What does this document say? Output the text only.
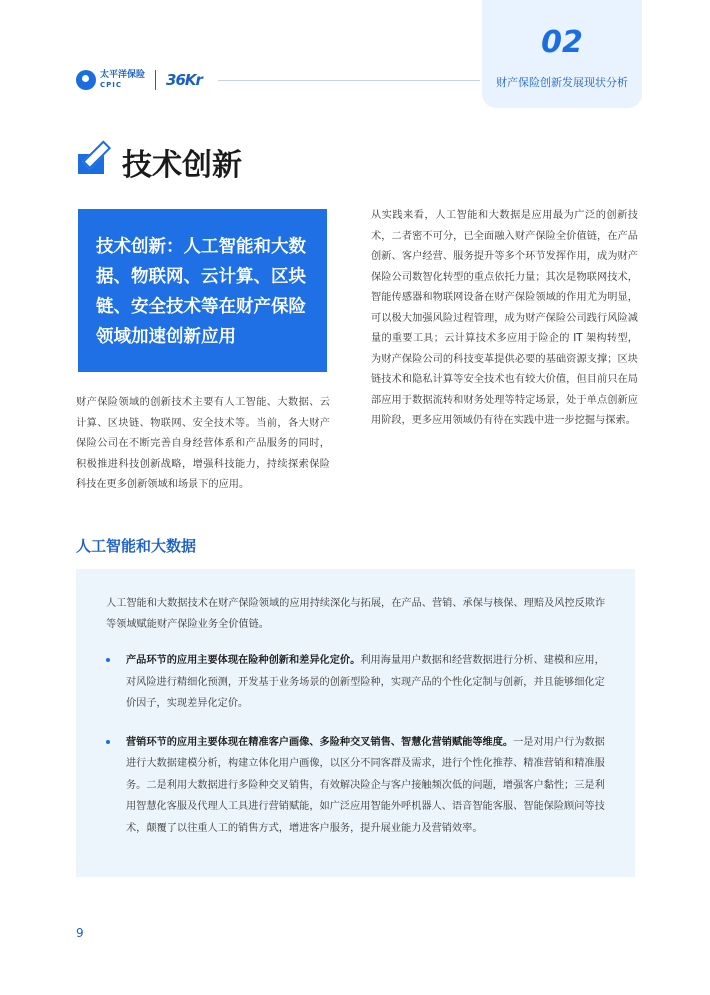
太平洋保险
CPIC	36Kr
02
财产保险创新发展现状分析
技术创新
技术创新：人工智能和大数据、物联网、云计算、区块链、安全技术等在财产保险领域加速创新应用
财产保险领域的创新技术主要有人工智能、大数据、云计算、区块链、物联网、安全技术等。当前，各大财产保险公司在不断完善自身经营体系和产品服务的同时，积极推进科技创新战略，增强科技能力，持续探索保险科技在更多创新领域和场景下的应用。
从实践来看，人工智能和大数据是应用最为广泛的创新技术，二者密不可分，已全面融入财产保险全价值链，在产品创新、客户经营、服务提升等多个环节发挥作用，成为财产保险公司数智化转型的重点依托力量；其次是物联网技术，智能传感器和物联网设备在财产保险领域的作用尤为明显，可以极大加强风险过程管理，成为财产保险公司践行风险减量的重要工具；云计算技术多应用于险企的 IT 架构转型，为财产保险公司的科技变革提供必要的基础资源支撑；区块链技术和隐私计算等安全技术也有较大价值，但目前只在局部应用于数据流转和财务处理等特定场景，处于单点创新应用阶段，更多应用领域仍有待在实践中进一步挖掘与探索。
人工智能和大数据
人工智能和大数据技术在财产保险领域的应用持续深化与拓展，在产品、营销、承保与核保、理赔及风控反欺诈等领域赋能财产保险业务全价值链。
产品环节的应用主要体现在险种创新和差异化定价。利用海量用户数据和经营数据进行分析、建模和应用，对风险进行精细化预测，开发基于业务场景的创新型险种，实现产品的个性化定制与创新，并且能够细化定价因子，实现差异化定价。
营销环节的应用主要体现在精准客户画像、多险种交叉销售、智慧化营销赋能等维度。一是对用户行为数据进行大数据建模分析，构建立体化用户画像，以区分不同客群及需求，进行个性化推荐、精准营销和精准服务。二是利用大数据进行多险种交叉销售，有效解决险企与客户接触频次低的问题，增强客户黏性；三是利用智慧化客服及代理人工具进行营销赋能，如广泛应用智能外呼机器人、语音智能客服、智能保险顾问等技术，颠覆了以往重人工的销售方式，增进客户服务，提升展业能力及营销效率。
9
